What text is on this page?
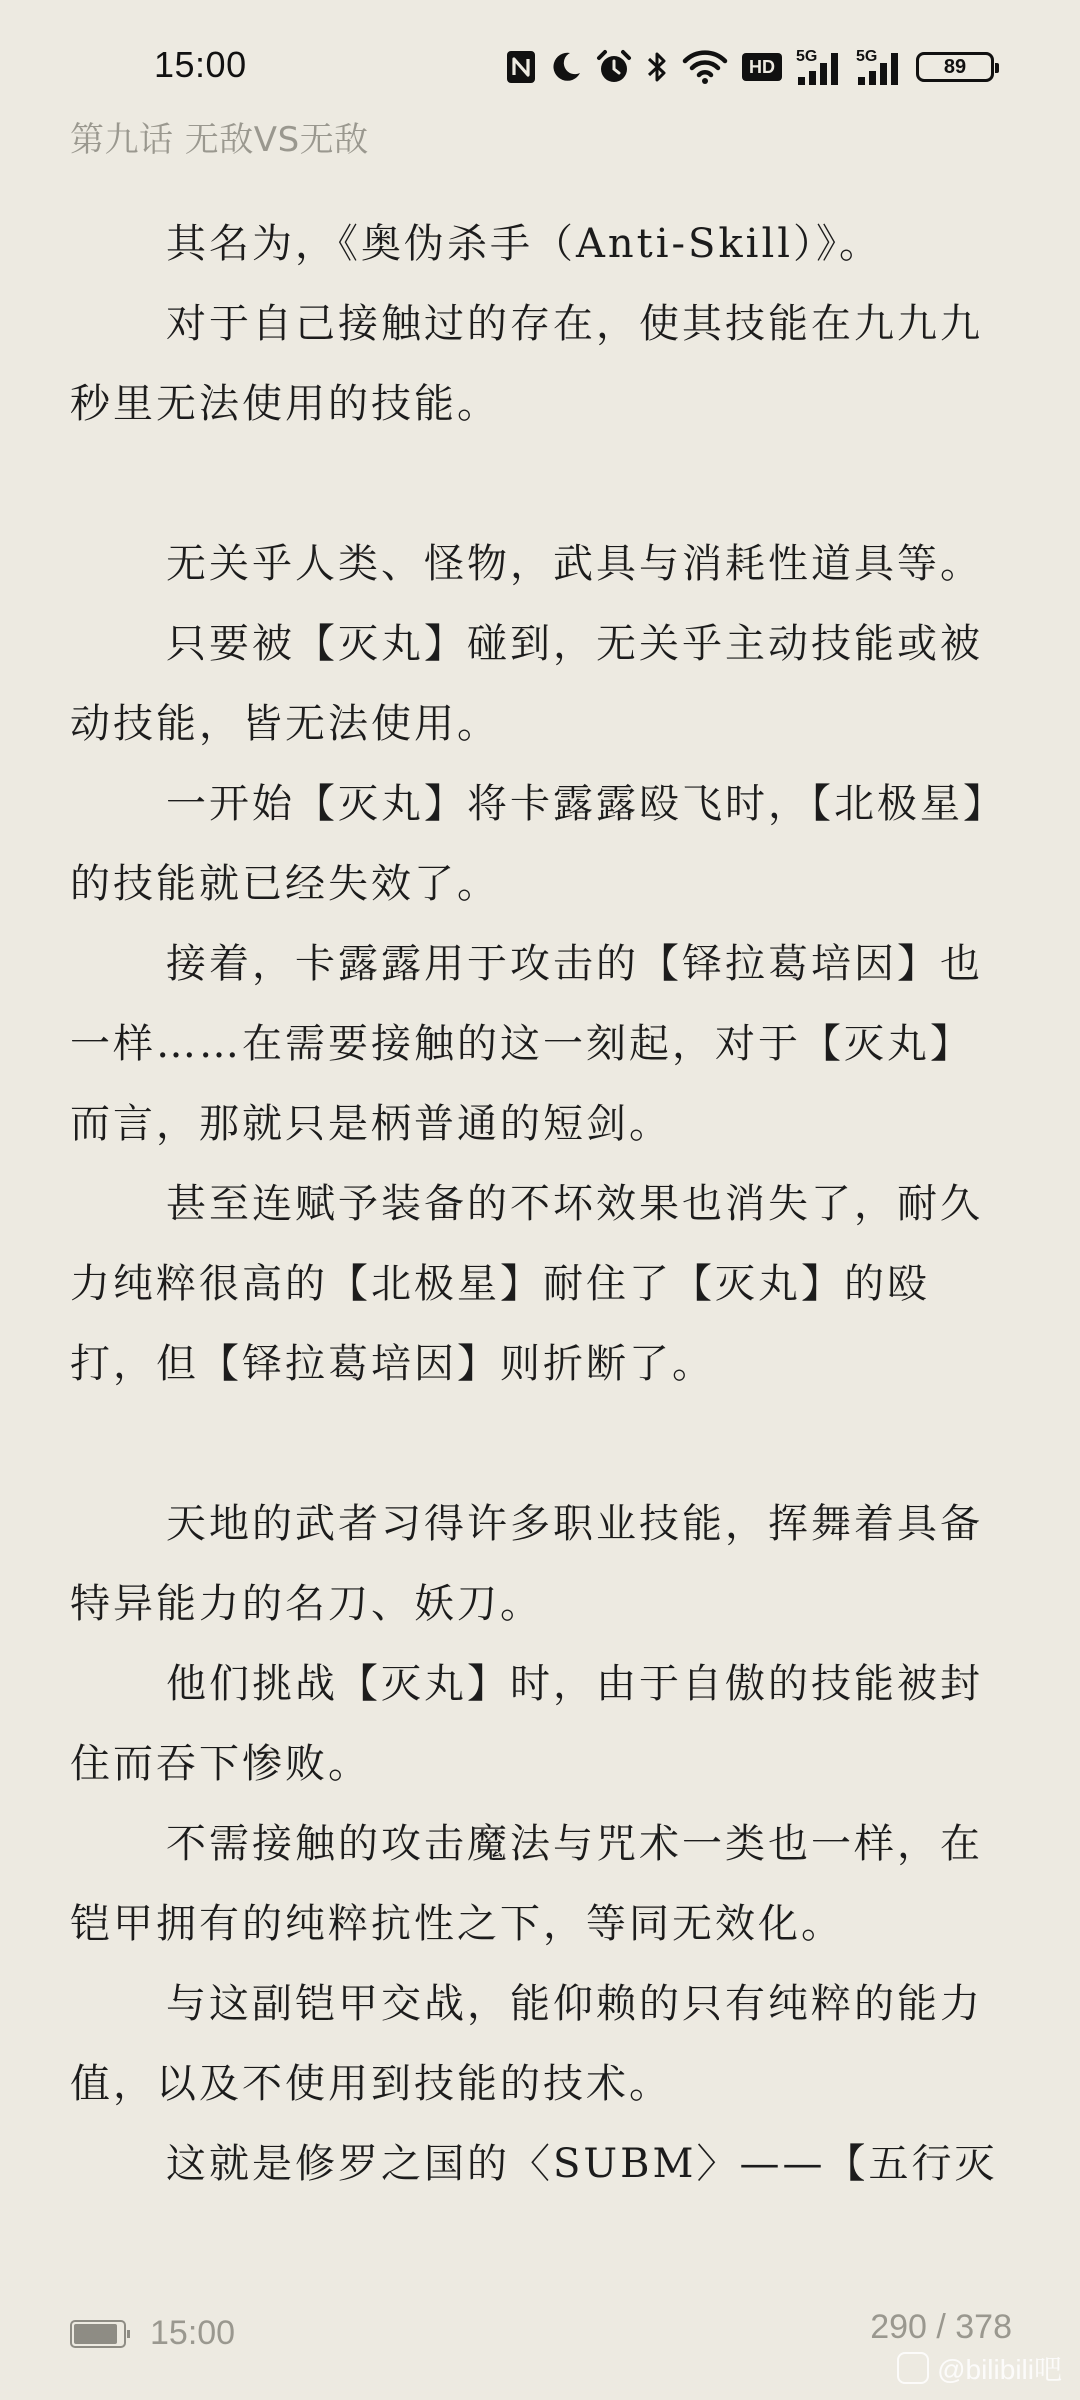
15:00	HD
5G 5G	89
第九话 无敌VS无敌

其名为，《奥伪杀手（Anti-Skill）》。

对于自己接触过的存在，使其技能在九九九秒里无法使用的技能。

无关乎人类、怪物，武具与消耗性道具等。

只要被【灭丸】碰到，无关乎主动技能或被动技能，皆无法使用。

一开始【灭丸】将卡露露殴飞时，【北极星】的技能就已经失效了。

接着，卡露露用于攻击的【铎拉葛培因】也一样……在需要接触的这一刻起，对于【灭丸】而言，那就只是柄普通的短剑。

甚至连赋予装备的不坏效果也消失了，耐久力纯粹很高的【北极星】耐住了【灭丸】的殴打，但【铎拉葛培因】则折断了。

天地的武者习得许多职业技能，挥舞着具备特异能力的名刀、妖刀。

他们挑战【灭丸】时，由于自傲的技能被封住而吞下惨败。

不需接触的攻击魔法与咒术一类也一样，在铠甲拥有的纯粹抗性之下，等同无效化。

与这副铠甲交战，能仰赖的只有纯粹的能力值，以及不使用到技能的技术。

这就是修罗之国的〈SUBM〉——【五行灭

15:00	290 / 378
@bilibili吧
